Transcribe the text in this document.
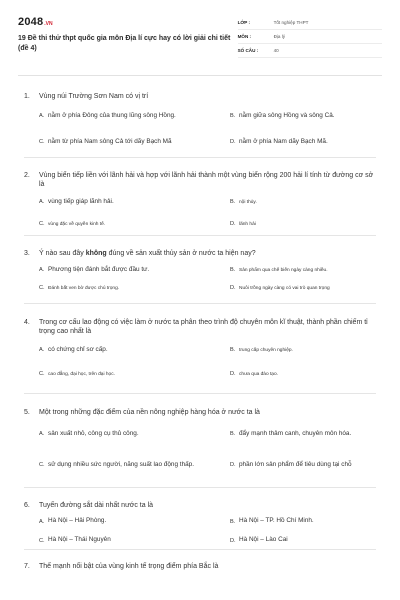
2048 .VN
19 Đề thi thử thpt quốc gia môn Địa lí cực hay có lời giải chi tiết (đề 4)
LỚP :	Tốt nghiệp THPT
MÔN :	Địa lý
SỐ CÂU :	40
1.	Vùng núi Trường Sơn Nam có vị trí
A. nằm ở phía Đông của thung lũng sông Hồng.	B. nằm giữa sông Hồng và sông Cả.
C. nằm từ phía Nam sông Cả tới dãy Bạch Mã	D. nằm ở phía Nam dãy Bạch Mã.
2.	Vùng biển tiếp liền với lãnh hải và hợp với lãnh hải thành một vùng biển rộng 200 hải lí tính từ đường cơ sở là
A. vùng tiếp giáp lãnh hải.	B. nội thủy.
C. vùng đặc về quyền kinh tế.	D. lãnh hải
3.	Ý nào sau đây không đúng về sản xuất thủy sản ở nước ta hiện nay?
A. Phương tiện đánh bắt được đầu tư.	B. Sản phẩm qua chế biến ngày càng nhiều.
C. Đánh bắt ven bờ được chú trọng.	D. Nuôi trồng ngày càng có vai trò quan trọng
4.	Trong cơ cấu lao động có việc làm ở nước ta phân theo trình độ chuyên môn kĩ thuật, thành phần chiếm tỉ trọng cao nhất là
A. có chứng chỉ sơ cấp.	B. trung cấp chuyên nghiệp.
C. cao đẳng, đại học, trên đại học.	D. chưa qua đào tạo.
5.	Một trong những đặc điểm của nền nông nghiệp hàng hóa ở nước ta là
A. sản xuất nhỏ, công cụ thủ công.	B. đẩy mạnh thâm canh, chuyên môn hóa.
C. sử dụng nhiều sức người, năng suất lao động thấp.	D. phần lớn sản phẩm để tiêu dùng tại chỗ
6.	Tuyến đường sắt dài nhất nước ta là
A. Hà Nội – Hải Phòng.	B. Hà Nội – TP. Hồ Chí Minh.
C. Hà Nội – Thái Nguyên	D. Hà Nội – Lào Cai
7.	Thế mạnh nổi bật của vùng kinh tế trọng điểm phía Bắc là
